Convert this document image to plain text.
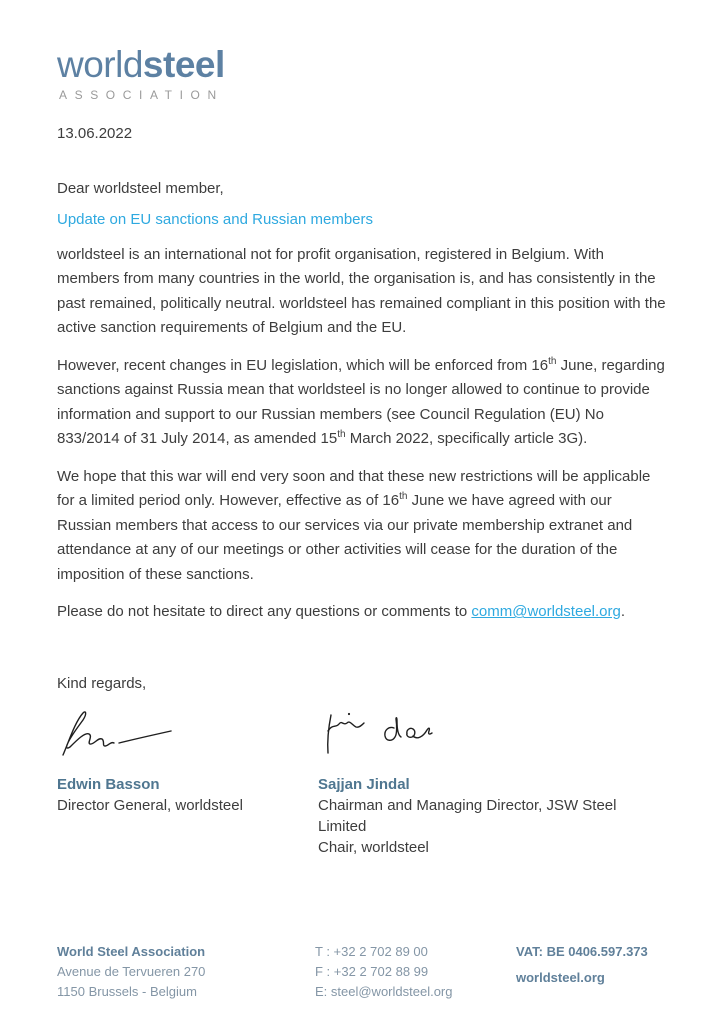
worldsteel
ASSOCIATION

13.06.2022

Dear worldsteel member,

Update on EU sanctions and Russian members

worldsteel is an international not for profit organisation, registered in Belgium. With members from many countries in the world, the organisation is, and has consistently in the past remained, politically neutral. worldsteel has remained compliant in this position with the active sanction requirements of Belgium and the EU.

However, recent changes in EU legislation, which will be enforced from 16th June, regarding sanctions against Russia mean that worldsteel is no longer allowed to continue to provide information and support to our Russian members (see Council Regulation (EU) No 833/2014 of 31 July 2014, as amended 15th March 2022, specifically article 3G).

We hope that this war will end very soon and that these new restrictions will be applicable for a limited period only. However, effective as of 16th June we have agreed with our Russian members that access to our services via our private membership extranet and attendance at any of our meetings or other activities will cease for the duration of the imposition of these sanctions.

Please do not hesitate to direct any questions or comments to comm@worldsteel.org.

Kind regards,

Edwin Basson
Director General, worldsteel
Sajjan Jindal
Chairman and Managing Director, JSW Steel Limited
Chair, worldsteel
World Steel Association
Avenue de Tervueren 270
1150 Brussels - Belgium
T : +32 2 702 89 00
F : +32 2 702 88 99
E: steel@worldsteel.org
VAT: BE 0406.597.373
worldsteel.org
